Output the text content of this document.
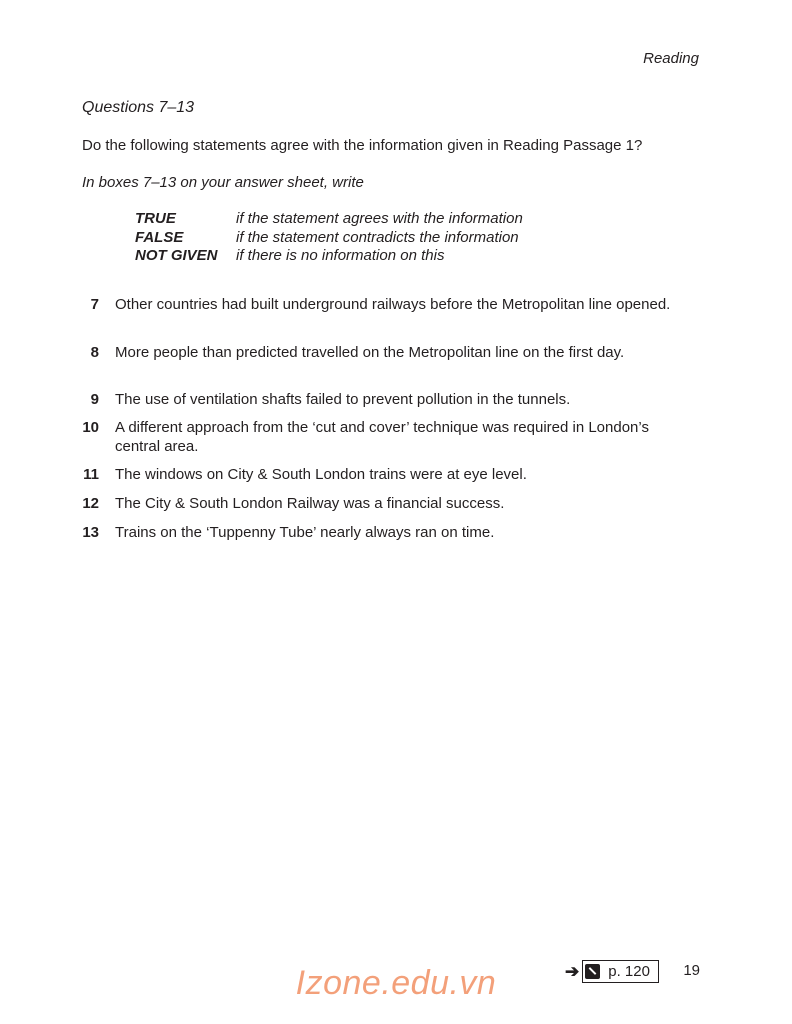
Reading
Questions 7–13
Do the following statements agree with the information given in Reading Passage 1?
In boxes 7–13 on your answer sheet, write
TRUE	if the statement agrees with the information
FALSE	if the statement contradicts the information
NOT GIVEN	if there is no information on this
7 Other countries had built underground railways before the Metropolitan line opened.
8 More people than predicted travelled on the Metropolitan line on the first day.
9 The use of ventilation shafts failed to prevent pollution in the tunnels.
10 A different approach from the ‘cut and cover’ technique was required in London’s central area.
11 The windows on City & South London trains were at eye level.
12 The City & South London Railway was a financial success.
13 Trains on the ‘Tuppenny Tube’ nearly always ran on time.
➔ p. 120 19
Izone.edu.vn
